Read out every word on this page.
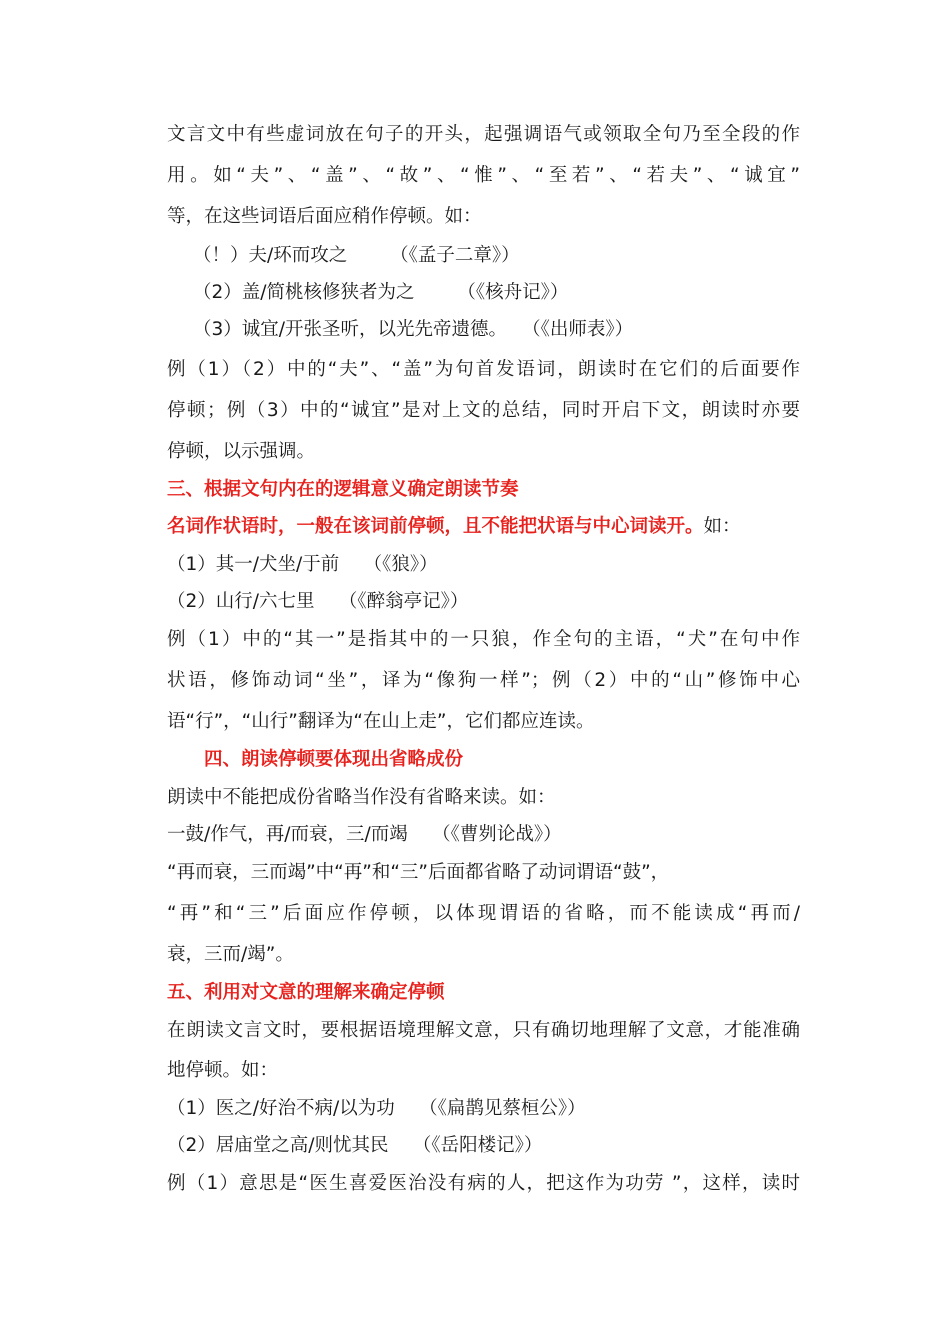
文言文中有些虚词放在句子的开头，起强调语气或领取全句乃至全段的作
用。如“夫”、“盖”、“故”、“惟”、“至若”、“若夫”、“诚宜”
等，在这些词语后面应稍作停顿。如：
（！）夫/环而攻之　　 （《孟子二章》）
（2）盖/简桃核修狭者为之　　 （《核舟记》）
（3）诚宜/开张圣听，以光先帝遗德。　 （《出师表》）
例（1）（2）中的“夫”、“盖”为句首发语词，朗读时在它们的后面要作
停顿；例（3）中的“诚宜”是对上文的总结，同时开启下文，朗读时亦要
停顿，以示强调。
三、根据文句内在的逻辑意义确定朗读节奏
名词作状语时，一般在该词前停顿，且不能把状语与中心词读开。如：
（1）其一/犬坐/于前　 （《狼》）
（2）山行/六七里　 （《醉翁亭记》）
例（1）中的“其一”是指其中的一只狼，作全句的主语，“犬”在句中作
状语，修饰动词“坐”，译为“像狗一样”；例（2）中的“山”修饰中心
语“行”，“山行”翻译为“在山上走”，它们都应连读。
四、朗读停顿要体现出省略成份
朗读中不能把成份省略当作没有省略来读。如：
一鼓/作气，再/而衰，三/而竭　 （《曹刿论战》）
“再而衰，三而竭”中“再”和“三”后面都省略了动词谓语“鼓”，
“再”和“三”后面应作停顿，以体现谓语的省略，而不能读成“再而/
衰，三而/竭”。
五、利用对文意的理解来确定停顿
在朗读文言文时，要根据语境理解文意，只有确切地理解了文意，才能准确
地停顿。如：
（1）医之/好治不病/以为功　 （《扁鹊见蔡桓公》）
（2）居庙堂之高/则忧其民　 （《岳阳楼记》）
例（1）意思是“医生喜爱医治没有病的人，把这作为功劳 ”，这样，读时
